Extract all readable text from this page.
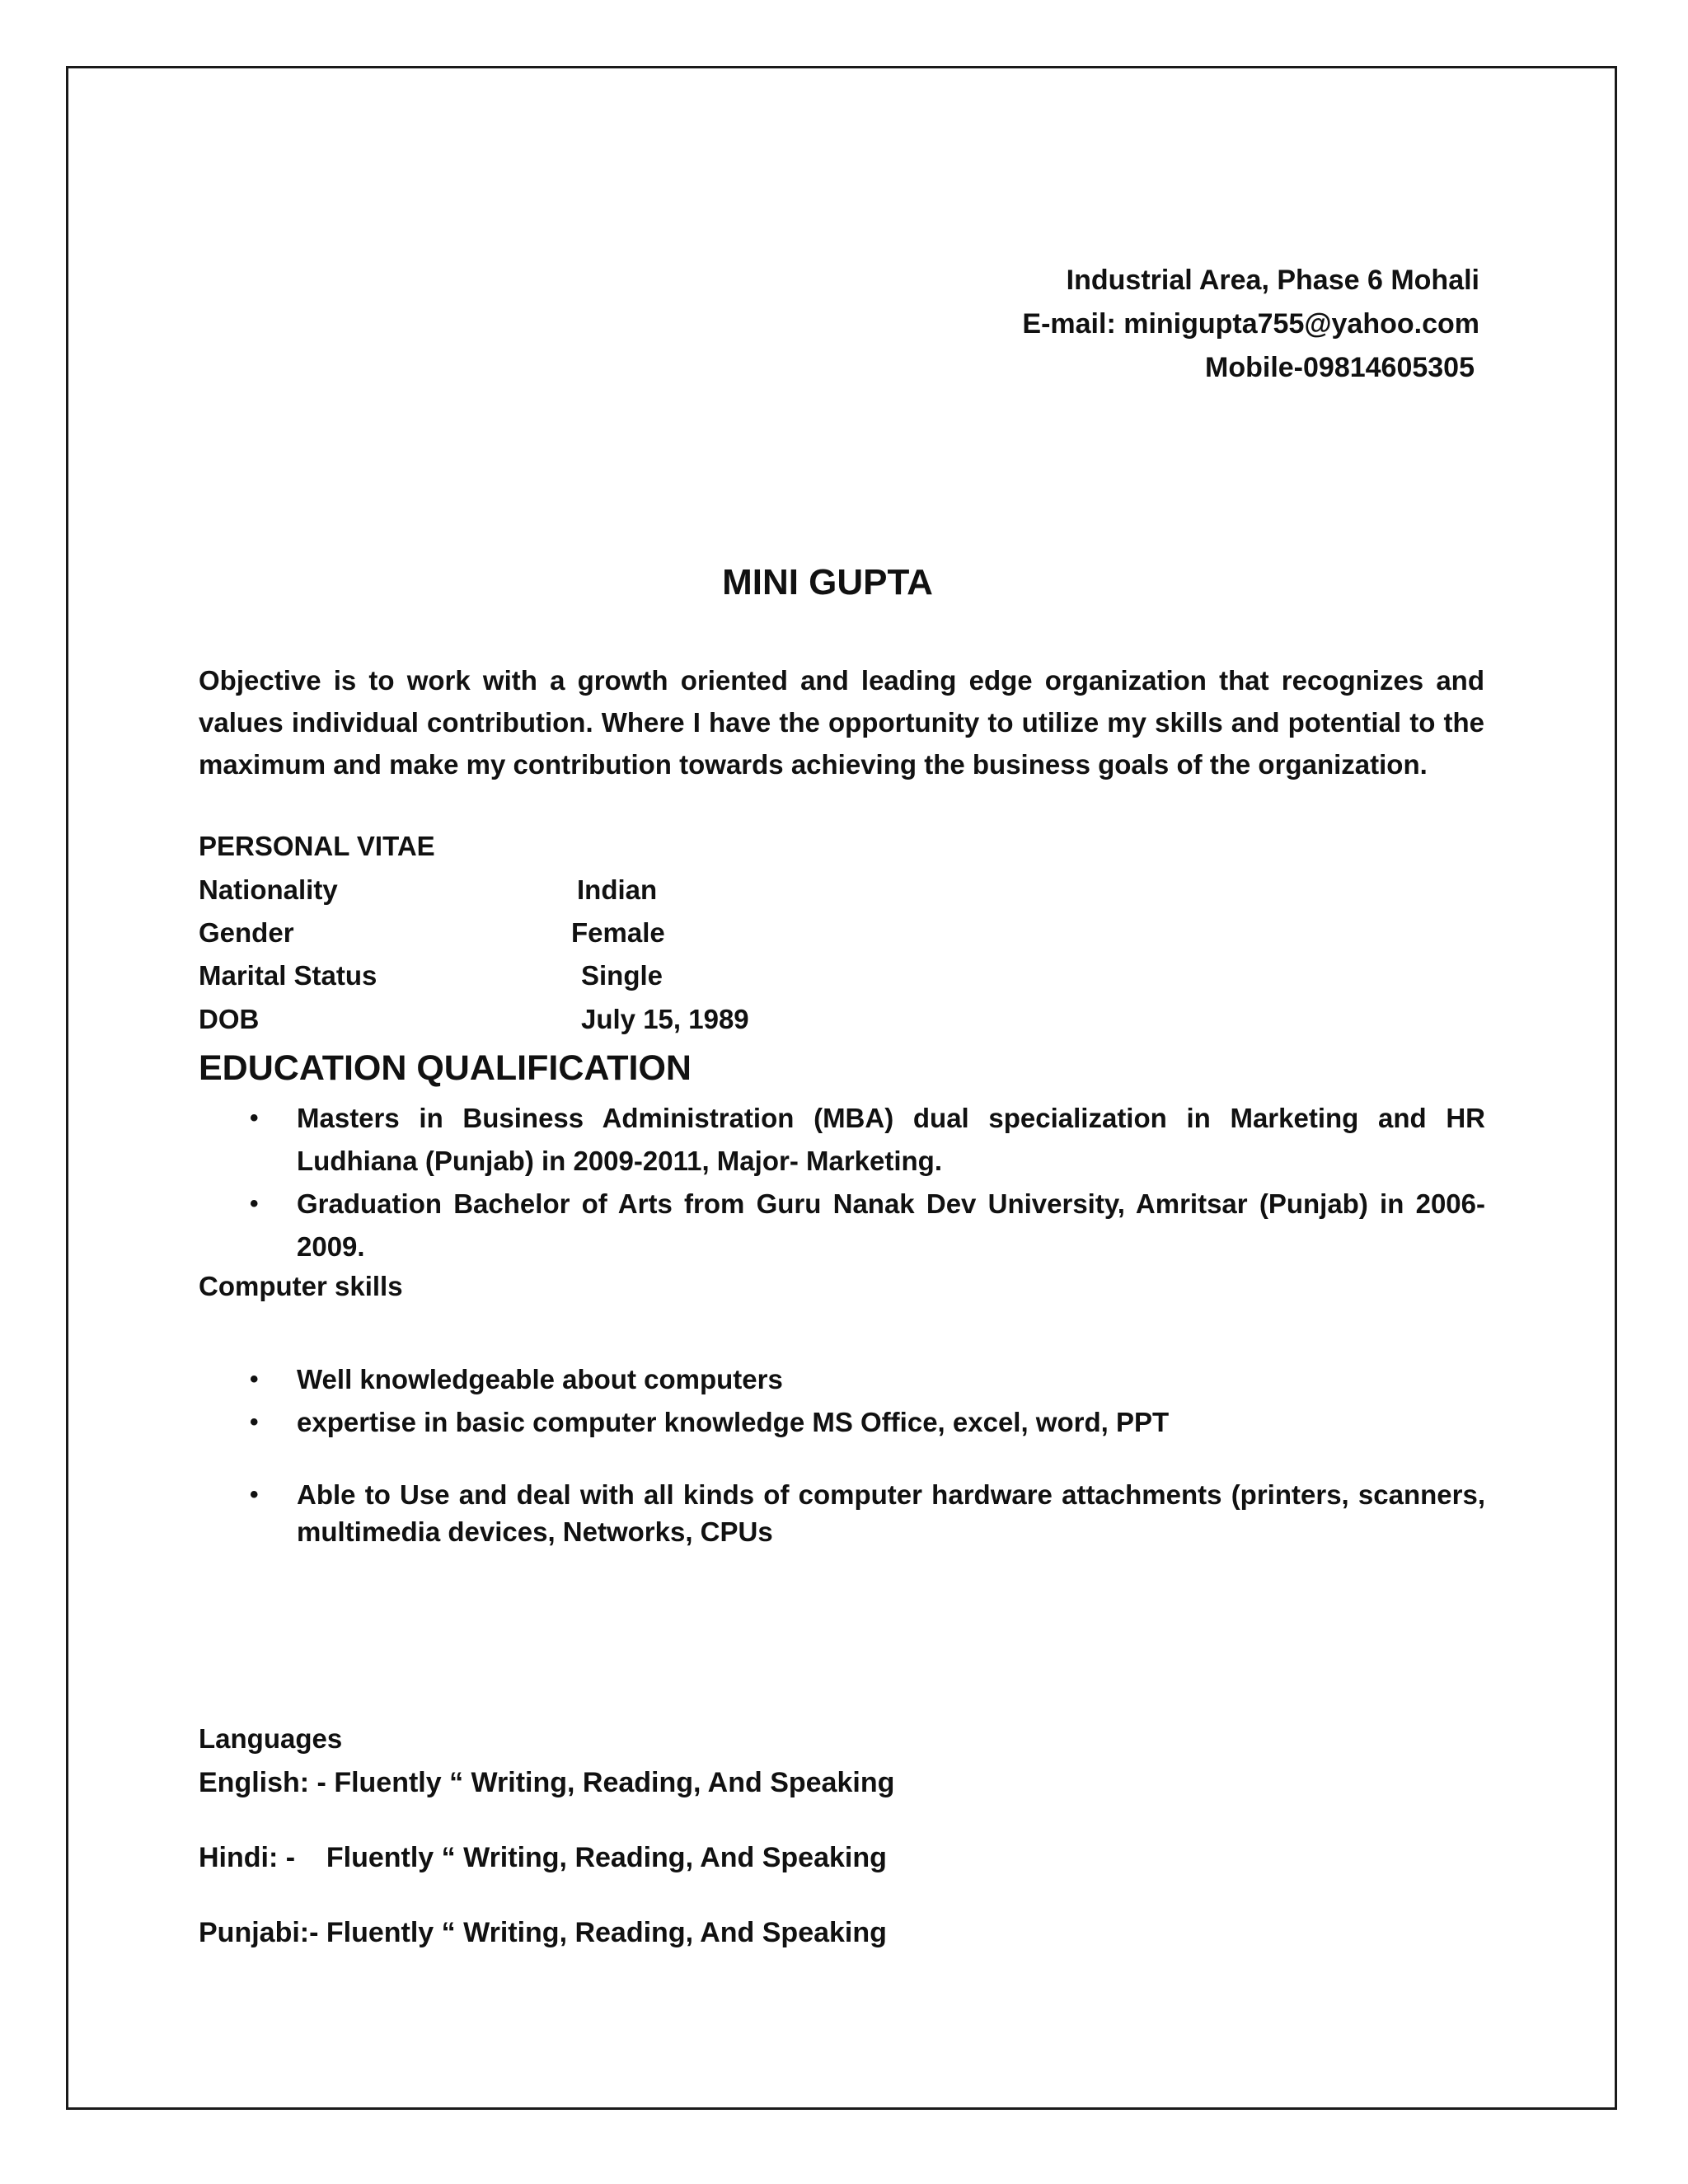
Industrial Area, Phase 6 Mohali
E-mail: minigupta755@yahoo.com
Mobile-09814605305
MINI GUPTA
Objective is to work with a growth oriented and leading edge organization that recognizes and values individual contribution. Where I have the opportunity to utilize my skills and potential to the maximum and make my contribution towards achieving the business goals of the organization.
PERSONAL VITAE
Nationality	Indian
Gender	Female
Marital Status	Single
DOB	July 15, 1989
EDUCATION QUALIFICATION
• Masters in Business Administration (MBA) dual specialization in Marketing and HR Ludhiana (Punjab) in 2009-2011, Major- Marketing.
• Graduation Bachelor of Arts from Guru Nanak Dev University, Amritsar (Punjab) in 2006-2009.
Computer skills
• Well knowledgeable about computers
• expertise in basic computer knowledge MS Office, excel, word, PPT
• Able to Use and deal with all kinds of computer hardware attachments (printers, scanners, multimedia devices, Networks, CPUs
Languages
English: - Fluently “ Writing, Reading, And Speaking
Hindi: -    Fluently “ Writing, Reading, And Speaking
Punjabi:- Fluently “ Writing, Reading, And Speaking
